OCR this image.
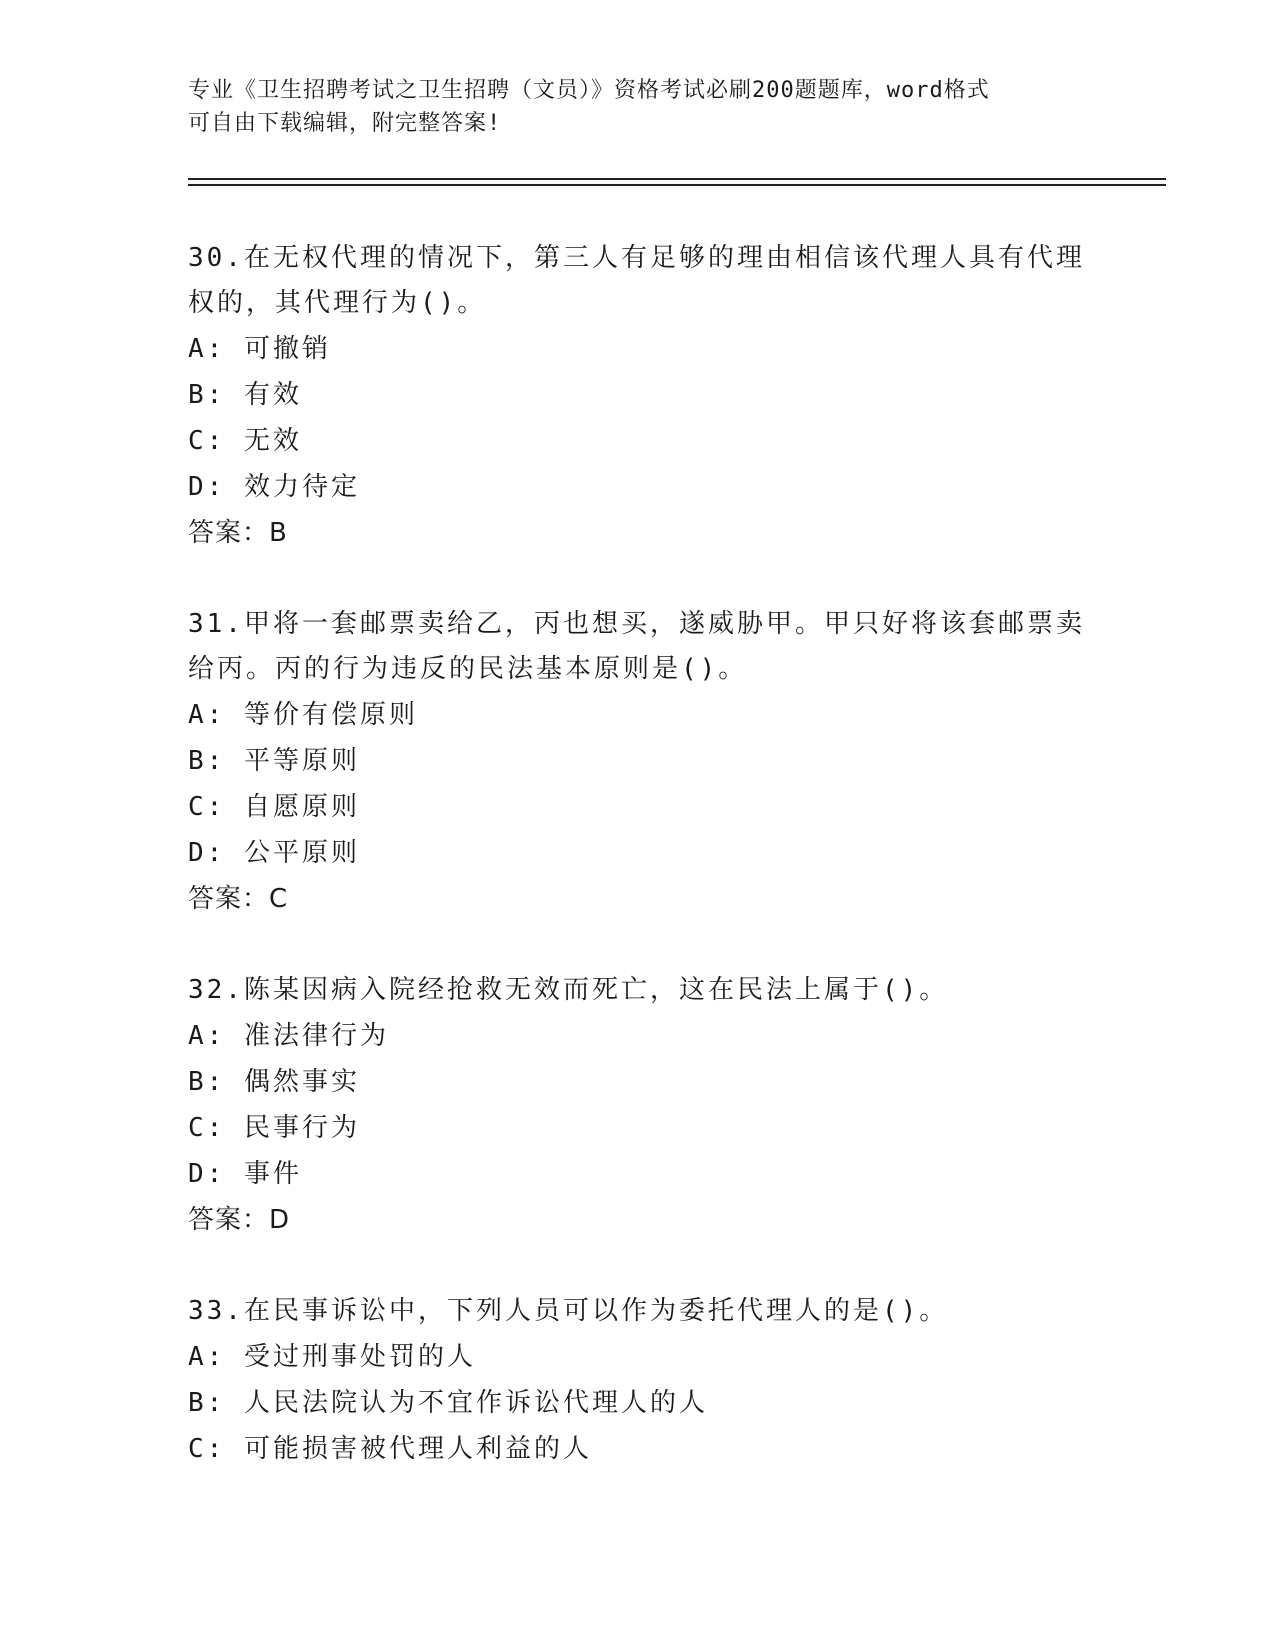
专业《卫生招聘考试之卫生招聘（文员）》资格考试必刷200题题库，word格式
可自由下载编辑，附完整答案!
30.在无权代理的情况下，第三人有足够的理由相信该代理人具有代理权的，其代理行为()。
A: 可撤销
B: 有效
C: 无效
D: 效力待定
答案：B
31.甲将一套邮票卖给乙，丙也想买，遂威胁甲。甲只好将该套邮票卖给丙。丙的行为违反的民法基本原则是()。
A: 等价有偿原则
B: 平等原则
C: 自愿原则
D: 公平原则
答案：C
32.陈某因病入院经抢救无效而死亡，这在民法上属于()。
A: 准法律行为
B: 偶然事实
C: 民事行为
D: 事件
答案：D
33.在民事诉讼中，下列人员可以作为委托代理人的是()。
A: 受过刑事处罚的人
B: 人民法院认为不宜作诉讼代理人的人
C: 可能损害被代理人利益的人
